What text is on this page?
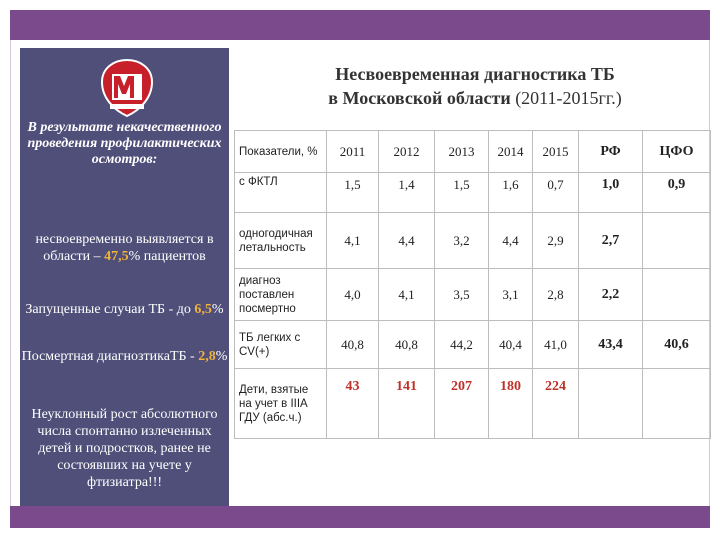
В результате некачественного проведения профилактических осмотров:
несвоевременно выявляется в области – 47,5% пациентов
Запущенные случаи ТБ - до 6,5%
Посмертная диагнозтикаТБ - 2,8%
Неуклонный рост абсолютного числа спонтанно излеченных детей и подростков, ранее не состоявших на учете у фтизиатра!!!
Несвоевременная диагностика ТБ
в Московской области (2011-2015гг.)
Показатели, %	2011	2012	2013	2014	2015	РФ	ЦФО
с ФКТЛ	1,5	1,4	1,5	1,6	0,7	1,0	0,9
одногодичная летальность	4,1	4,4	3,2	4,4	2,9	2,7	
диагноз поставлен посмертно	4,0	4,1	3,5	3,1	2,8	2,2	
ТБ легких с CV(+)	40,8	40,8	44,2	40,4	41,0	43,4	40,6
Дети, взятые на учет в IIIА ГДУ (абс.ч.)	43	141	207	180	224		
